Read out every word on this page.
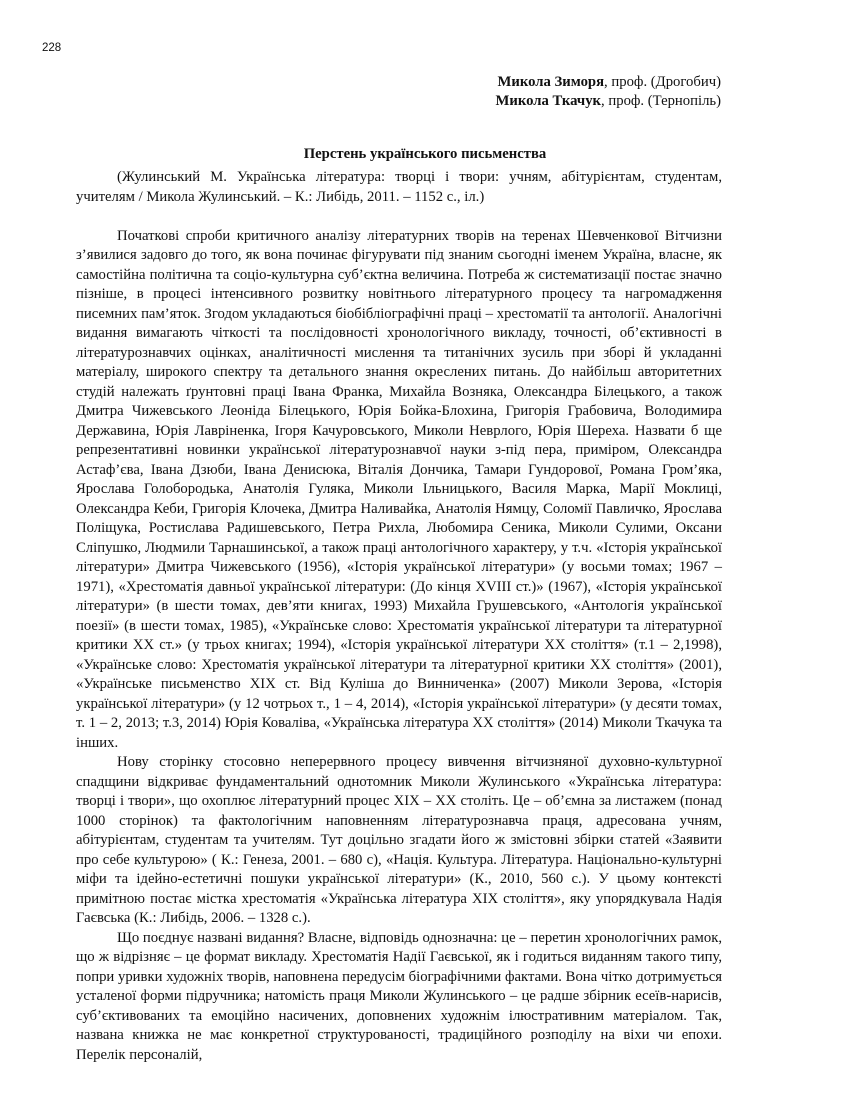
228
Микола Зиморя, проф. (Дрогобич)
Микола Ткачук, проф. (Тернопіль)
Перстень українського письменства

(Жулинський М. Українська література: творці і твори: учням, абітурієнтам, студентам, учителям / Микола Жулинський. – К.: Либідь, 2011. – 1152 с., іл.)

Початкові спроби критичного аналізу літературних творів на теренах Шевченкової Вітчизни з’явилися задовго до того, як вона починає фігурувати під знаним сьогодні іменем Україна, власне, як самостійна політична та соціо-культурна суб’єктна величина. Потреба ж систематизації постає значно пізніше, в процесі інтенсивного розвитку новітнього літературного процесу та нагромадження писемних пам’яток. Згодом укладаються біобібліографічні праці – хрестоматії та антології. Аналогічні видання вимагають чіткості та послідовності хронологічного викладу, точності, об’єктивності в літературознавчих оцінках, аналітичності мислення та титанічних зусиль при зборі й укладанні матеріалу, широкого спектру та детального знання окреслених питань. До найбільш авторитетних студій належать ґрунтовні праці Івана Франка, Михайла Возняка, Олександра Білецького, а також Дмитра Чижевського Леоніда Білецького, Юрія Бойка-Блохина, Григорія Грабовича, Володимира Державина, Юрія Лавріненка, Ігоря Качуровського, Миколи Неврлого, Юрія Шереха. Назвати б ще репрезентативні новинки української літературознавчої науки з-під пера, приміром, Олександра Астаф’єва, Івана Дзюби, Івана Денисюка, Віталія Дончика, Тамари Гундорової, Романа Гром’яка, Ярослава Голобородька, Анатолія Гуляка, Миколи Ільницького, Василя Марка, Марії Моклиці, Олександра Кеби, Григорія Клочека, Дмитра Наливайка, Анатолія Нямцу, Соломії Павличко, Ярослава Поліщука, Ростислава Радишевського, Петра Рихла, Любомира Сеника, Миколи Сулими, Оксани Сліпушко, Людмили Тарнашинської, а також праці антологічного характеру, у т.ч. «Історія української літератури» Дмитра Чижевського (1956), «Історія української літератури» (у восьми томах; 1967 – 1971), «Хрестоматія давньої української літератури: (До кінця XVIII ст.)» (1967), «Історія української літератури» (в шести томах, дев’яти книгах, 1993) Михайла Грушевського, «Антологія української поезії» (в шести томах, 1985), «Українське слово: Хрестоматія української літератури та літературної критики XX ст.» (у трьох книгах; 1994), «Історія української літератури XX століття» (т.1 – 2,1998), «Українське слово: Хрестоматія української літератури та літературної критики XX століття» (2001), «Українське письменство XIX ст. Від Куліша до Винниченка» (2007) Миколи Зерова, «Історія української літератури» (у 12 чотрьох т., 1 – 4, 2014), «Історія української літератури» (у десяти томах, т. 1 – 2, 2013; т.3, 2014) Юрія Коваліва, «Українська література XX століття» (2014) Миколи Ткачука та інших.

Нову сторінку стосовно неперервного процесу вивчення вітчизняної духовно-культурної спадщини відкриває фундаментальний однотомник Миколи Жулинського «Українська література: творці і твори», що охоплює літературний процес XIX – XX століть. Це – об’ємна за листажем (понад 1000 сторінок) та фактологічним наповненням літературознавча праця, адресована учням, абітурієнтам, студентам та учителям. Тут доцільно згадати його ж змістовні збірки статей «Заявити про себе культурою» ( К.: Генеза, 2001. – 680 с), «Нація. Культура. Література. Національно-культурні міфи та ідейно-естетичні пошуки української літератури» (К., 2010, 560 с.). У цьому контексті примітною постає місткa хрестоматія «Українська література XIX століття», яку упорядкувала Надія Гаєвська (К.: Либідь, 2006. – 1328 с.).

Що поєднує названі видання? Власне, відповідь однозначна: це – перетин хронологічних рамок, що ж відрізняє – це формат викладу. Хрестоматія Надії Гаєвської, як і годиться виданням такого типу, попри уривки художніх творів, наповнена передусім біографічними фактами. Вона чітко дотримується усталеної форми підручника; натомість праця Миколи Жулинського – це радше збірник есеїв-нарисів, суб’єктивованих та емоційно насичених, доповнених художнім ілюстративним матеріалом. Так, названа книжка не має конкретної структурованості, традиційного розподілу на віхи чи епохи. Перелік персоналій,
